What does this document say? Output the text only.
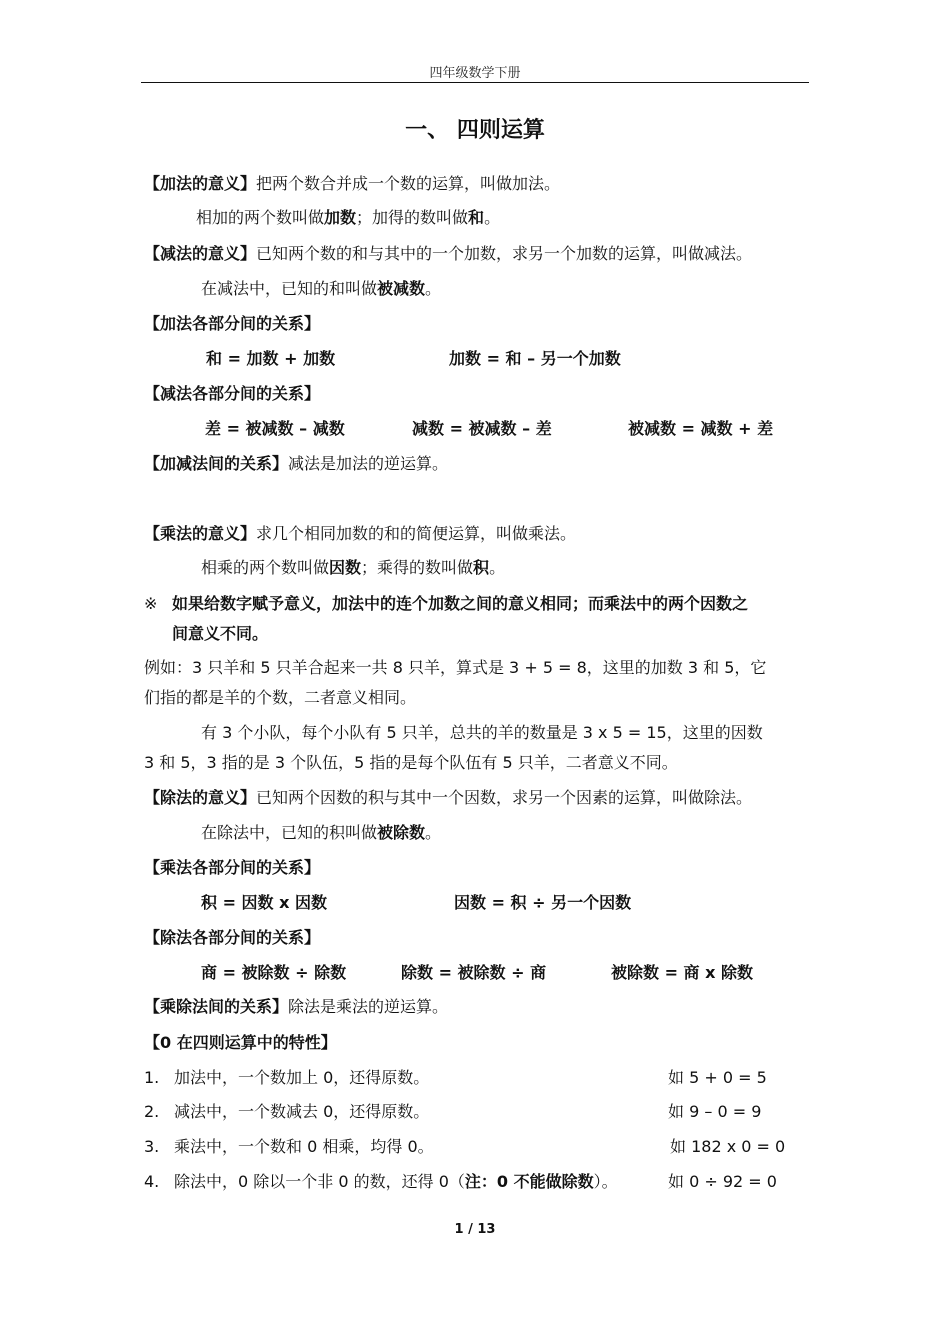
四年级数学下册
一、 四则运算
【加法的意义】把两个数合并成一个数的运算，叫做加法。
相加的两个数叫做加数；加得的数叫做和。
【减法的意义】已知两个数的和与其中的一个加数，求另一个加数的运算，叫做减法。
在减法中，已知的和叫做被减数。
【加法各部分间的关系】
和 = 加数 + 加数	加数 = 和 – 另一个加数
【减法各部分间的关系】
差 = 被减数 – 减数	减数 = 被减数 – 差	被减数 = 减数 + 差
【加减法间的关系】减法是加法的逆运算。
【乘法的意义】求几个相同加数的和的简便运算，叫做乘法。
相乘的两个数叫做因数；乘得的数叫做积。
※ 如果给数字赋予意义，加法中的连个加数之间的意义相同；而乘法中的两个因数之
间意义不同。
例如：3 只羊和 5 只羊合起来一共 8 只羊，算式是 3 + 5 = 8，这里的加数 3 和 5，它
们指的都是羊的个数，二者意义相同。
有 3 个小队，每个小队有 5 只羊，总共的羊的数量是 3 x 5 = 15，这里的因数
3 和 5，3 指的是 3 个队伍，5 指的是每个队伍有 5 只羊，二者意义不同。
【除法的意义】已知两个因数的积与其中一个因数，求另一个因素的运算，叫做除法。
在除法中，已知的积叫做被除数。
【乘法各部分间的关系】
积 = 因数 x 因数	因数 = 积 ÷ 另一个因数
【除法各部分间的关系】
商 = 被除数 ÷ 除数	除数 = 被除数 ÷ 商	被除数 = 商 x 除数
【乘除法间的关系】除法是乘法的逆运算。
【0 在四则运算中的特性】
1. 加法中，一个数加上 0，还得原数。	如 5 + 0 = 5
2. 减法中，一个数减去 0，还得原数。	如 9 – 0 = 9
3. 乘法中，一个数和 0 相乘，均得 0。	如 182 x 0 = 0
4. 除法中，0 除以一个非 0 的数，还得 0（注：0 不能做除数）。	如 0 ÷ 92 = 0
1 / 13
